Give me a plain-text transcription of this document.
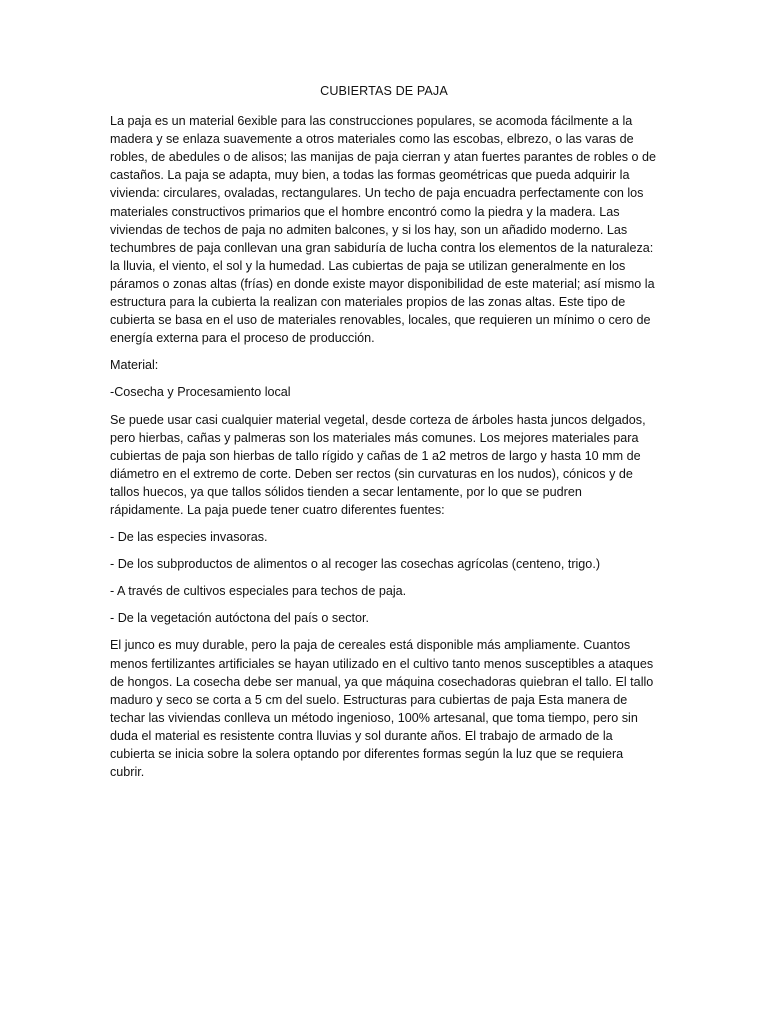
CUBIERTAS DE PAJA

La paja es un material 6exible para las construcciones populares, se acomoda fácilmente a la madera y se enlaza suavemente a otros materiales como las escobas, elbrezo, o las varas de robles, de abedules o de alisos; las manijas de paja cierran y atan fuertes parantes de robles o de castaños. La paja se adapta, muy bien, a todas las formas geométricas que pueda adquirir la vivienda: circulares, ovaladas, rectangulares. Un techo de paja encuadra perfectamente con los materiales constructivos primarios que el hombre encontró como la piedra y la madera. Las viviendas de techos de paja no admiten balcones, y si los hay, son un añadido moderno. Las techumbres de paja conllevan una gran sabiduría de lucha contra los elementos de la naturaleza: la lluvia, el viento, el sol y la humedad. Las cubiertas de paja se utilizan generalmente en los páramos o zonas altas (frías) en donde existe mayor disponibilidad de este material; así mismo la estructura para la cubierta la realizan con materiales propios de las zonas altas. Este tipo de cubierta se basa en el uso de materiales renovables, locales, que requieren un mínimo o cero de energía externa para el proceso de producción.

Material:
-Cosecha y Procesamiento local

Se puede usar casi cualquier material vegetal, desde corteza de árboles hasta juncos delgados, pero hierbas, cañas y palmeras son los materiales más comunes. Los mejores materiales para cubiertas de paja son hierbas de tallo rígido y cañas de 1 a2 metros de largo y hasta 10 mm de diámetro en el extremo de corte. Deben ser rectos (sin curvaturas en los nudos), cónicos y de tallos huecos, ya que tallos sólidos tienden a secar lentamente, por lo que se pudren rápidamente. La paja puede tener cuatro diferentes fuentes:

- De las especies invasoras.
- De los subproductos de alimentos o al recoger las cosechas agrícolas (centeno, trigo.)
- A través de cultivos especiales para techos de paja.
- De la vegetación autóctona del país o sector.

El junco es muy durable, pero la paja de cereales está disponible más ampliamente. Cuantos menos fertilizantes artificiales se hayan utilizado en el cultivo tanto menos susceptibles a ataques de hongos. La cosecha debe ser manual, ya que máquina cosechadoras quiebran el tallo. El tallo maduro y seco se corta a 5 cm del suelo. Estructuras para cubiertas de paja Esta manera de techar las viviendas conlleva un método ingenioso, 100% artesanal, que toma tiempo, pero sin duda el material es resistente contra lluvias y sol durante años. El trabajo de armado de la cubierta se inicia sobre la solera optando por diferentes formas según la luz que se requiera cubrir.
